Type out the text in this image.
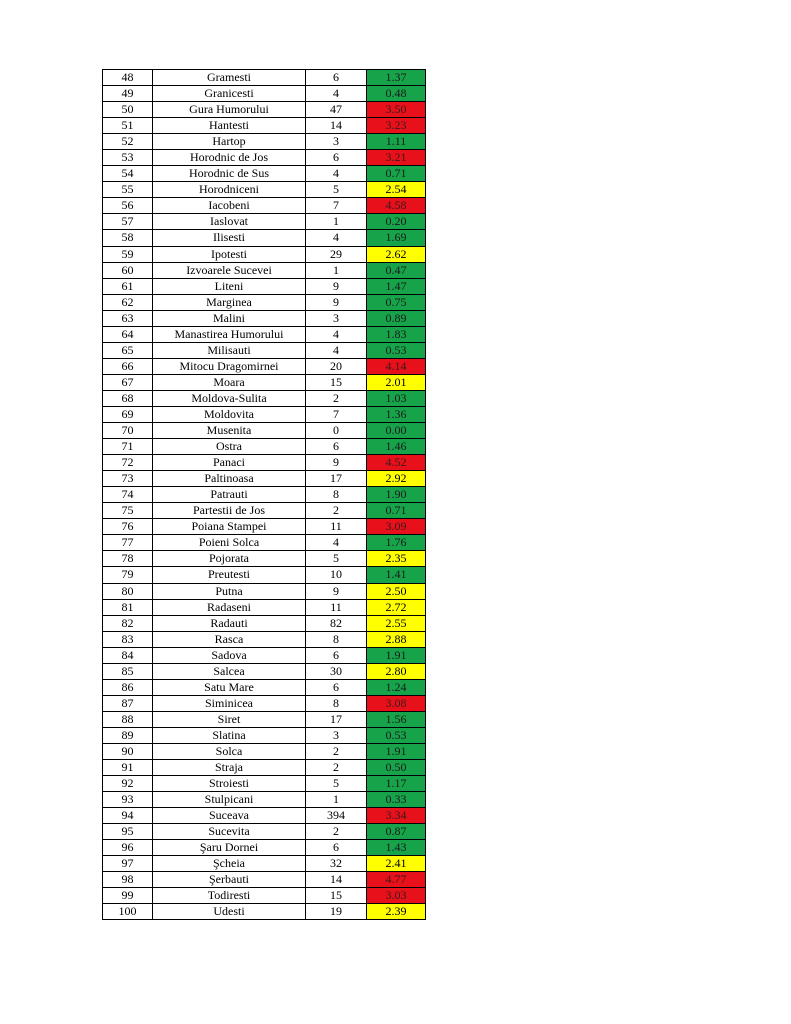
48	Gramesti	6	1.37
49	Granicesti	4	0.48
50	Gura Humorului	47	3.50
51	Hantesti	14	3.23
52	Hartop	3	1.11
53	Horodnic de Jos	6	3.21
54	Horodnic de Sus	4	0.71
55	Horodniceni	5	2.54
56	Iacobeni	7	4.58
57	Iaslovat	1	0.20
58	Ilisesti	4	1.69
59	Ipotesti	29	2.62
60	Izvoarele Sucevei	1	0.47
61	Liteni	9	1.47
62	Marginea	9	0.75
63	Malini	3	0.89
64	Manastirea Humorului	4	1.83
65	Milisauti	4	0.53
66	Mitocu Dragomirnei	20	4.14
67	Moara	15	2.01
68	Moldova-Sulita	2	1.03
69	Moldovita	7	1.36
70	Musenita	0	0.00
71	Ostra	6	1.46
72	Panaci	9	4.52
73	Paltinoasa	17	2.92
74	Patrauti	8	1.90
75	Partestii de Jos	2	0.71
76	Poiana Stampei	11	3.09
77	Poieni Solca	4	1.76
78	Pojorata	5	2.35
79	Preutesti	10	1.41
80	Putna	9	2.50
81	Radaseni	11	2.72
82	Radauti	82	2.55
83	Rasca	8	2.88
84	Sadova	6	1.91
85	Salcea	30	2.80
86	Satu Mare	6	1.24
87	Siminicea	8	3.08
88	Siret	17	1.56
89	Slatina	3	0.53
90	Solca	2	1.91
91	Straja	2	0.50
92	Stroiesti	5	1.17
93	Stulpicani	1	0.33
94	Suceava	394	3.34
95	Sucevita	2	0.87
96	Şaru Dornei	6	1.43
97	Şcheia	32	2.41
98	Şerbauti	14	4.77
99	Todiresti	15	3.03
100	Udesti	19	2.39
